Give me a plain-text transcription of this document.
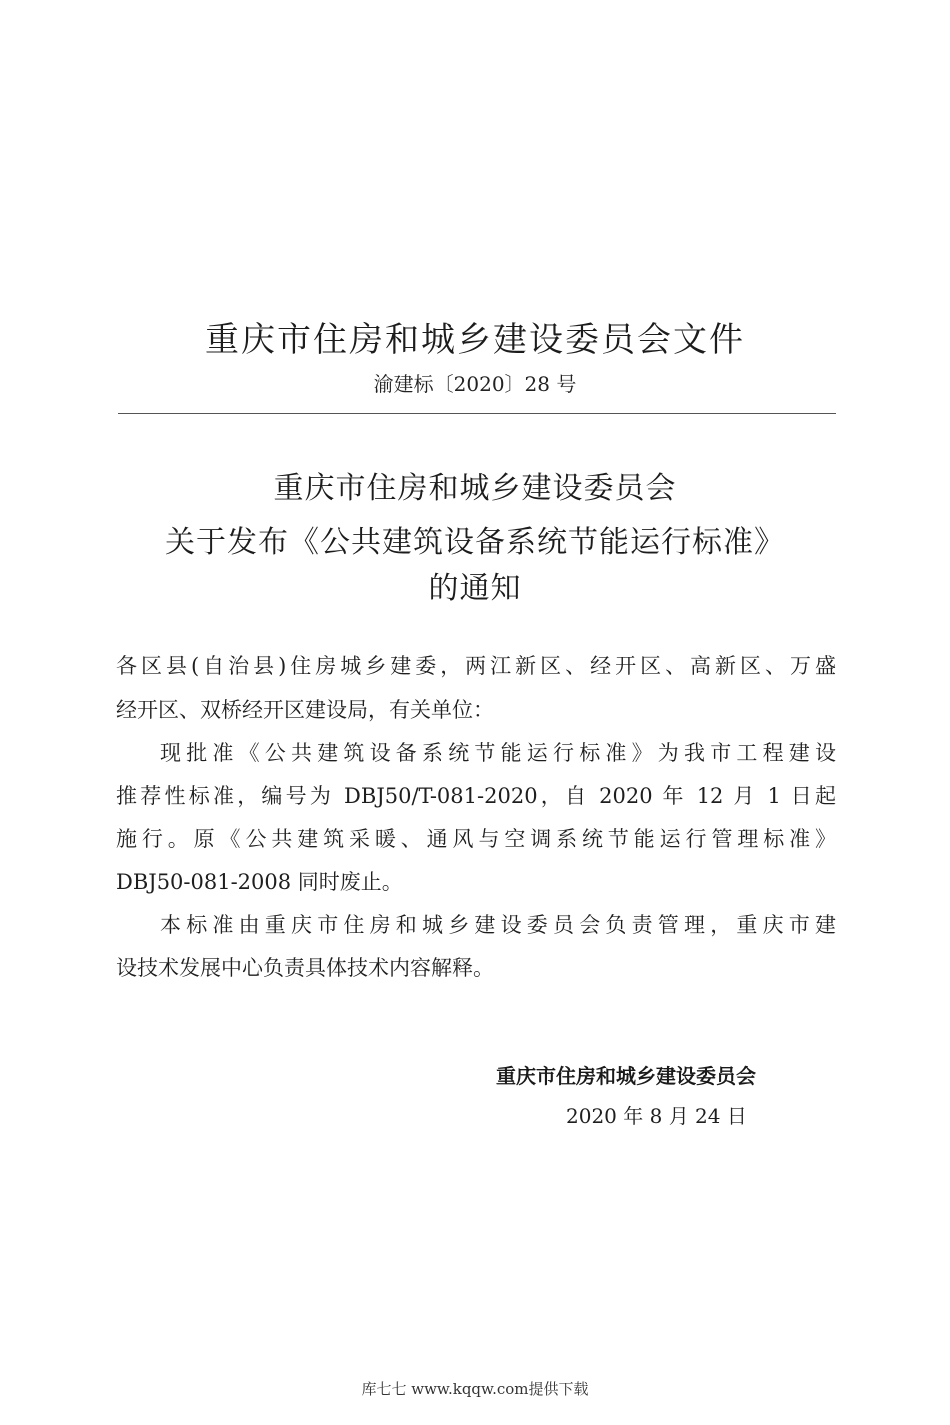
重庆市住房和城乡建设委员会文件
渝建标〔2020〕28 号
重庆市住房和城乡建设委员会
关于发布《公共建筑设备系统节能运行标准》
的通知
各区县(自治县)住房城乡建委，两江新区、经开区、高新区、万盛
经开区、双桥经开区建设局，有关单位：
现批准《公共建筑设备系统节能运行标准》为我市工程建设
推荐性标准，编号为 DBJ50/T-081-2020，自 2020 年 12 月 1 日起
施行。原《公共建筑采暖、通风与空调系统节能运行管理标准》
DBJ50-081-2008 同时废止。
本标准由重庆市住房和城乡建设委员会负责管理，重庆市建
设技术发展中心负责具体技术内容解释。
重庆市住房和城乡建设委员会
2020 年 8 月 24 日
库七七 www.kqqw.com提供下载
